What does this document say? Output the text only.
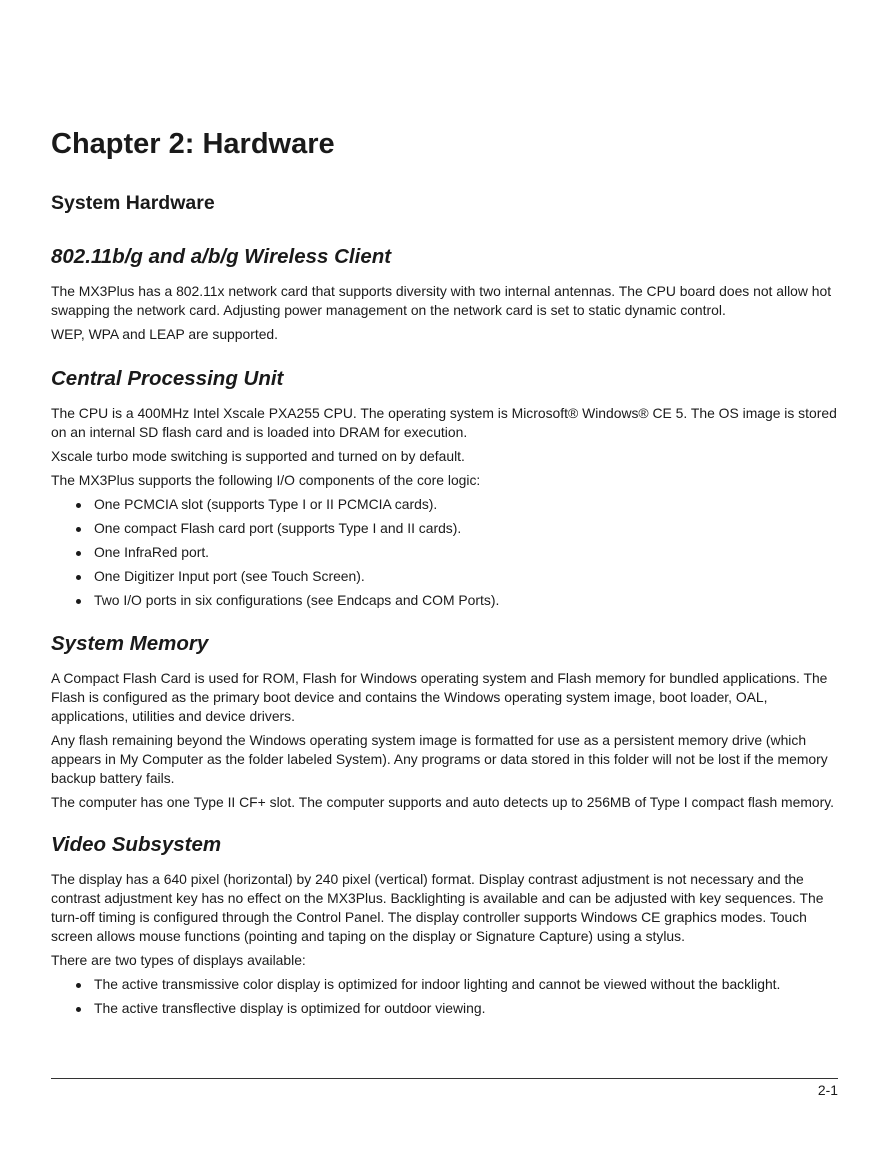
Chapter 2: Hardware
System Hardware
802.11b/g and a/b/g Wireless Client

The MX3Plus has a 802.11x network card that supports diversity with two internal antennas. The CPU board does not allow hot swapping the network card. Adjusting power management on the network card is set to static dynamic control.

WEP, WPA and LEAP are supported.

Central Processing Unit

The CPU is a 400MHz Intel Xscale PXA255 CPU. The operating system is Microsoft® Windows® CE 5. The OS image is stored on an internal SD flash card and is loaded into DRAM for execution.

Xscale turbo mode switching is supported and turned on by default.

The MX3Plus supports the following I/O components of the core logic:

One PCMCIA slot (supports Type I or II PCMCIA cards).
One compact Flash card port (supports Type I and II cards).
One InfraRed port.
One Digitizer Input port (see Touch Screen).
Two I/O ports in six configurations (see Endcaps and COM Ports).
System Memory

A Compact Flash Card is used for ROM, Flash for Windows operating system and Flash memory for bundled applications. The Flash is configured as the primary boot device and contains the Windows operating system image, boot loader, OAL, applications, utilities and device drivers.

Any flash remaining beyond the Windows operating system image is formatted for use as a persistent memory drive (which appears in My Computer as the folder labeled System). Any programs or data stored in this folder will not be lost if the memory backup battery fails.

The computer has one Type II CF+ slot. The computer supports and auto detects up to 256MB of Type I compact flash memory.

Video Subsystem

The display has a 640 pixel (horizontal) by 240 pixel (vertical) format. Display contrast adjustment is not necessary and the contrast adjustment key has no effect on the MX3Plus. Backlighting is available and can be adjusted with key sequences. The turn-off timing is configured through the Control Panel. The display controller supports Windows CE graphics modes. Touch screen allows mouse functions (pointing and taping on the display or Signature Capture) using a stylus.

There are two types of displays available:

The active transmissive color display is optimized for indoor lighting and cannot be viewed without the backlight.
The active transflective display is optimized for outdoor viewing.
2-1
